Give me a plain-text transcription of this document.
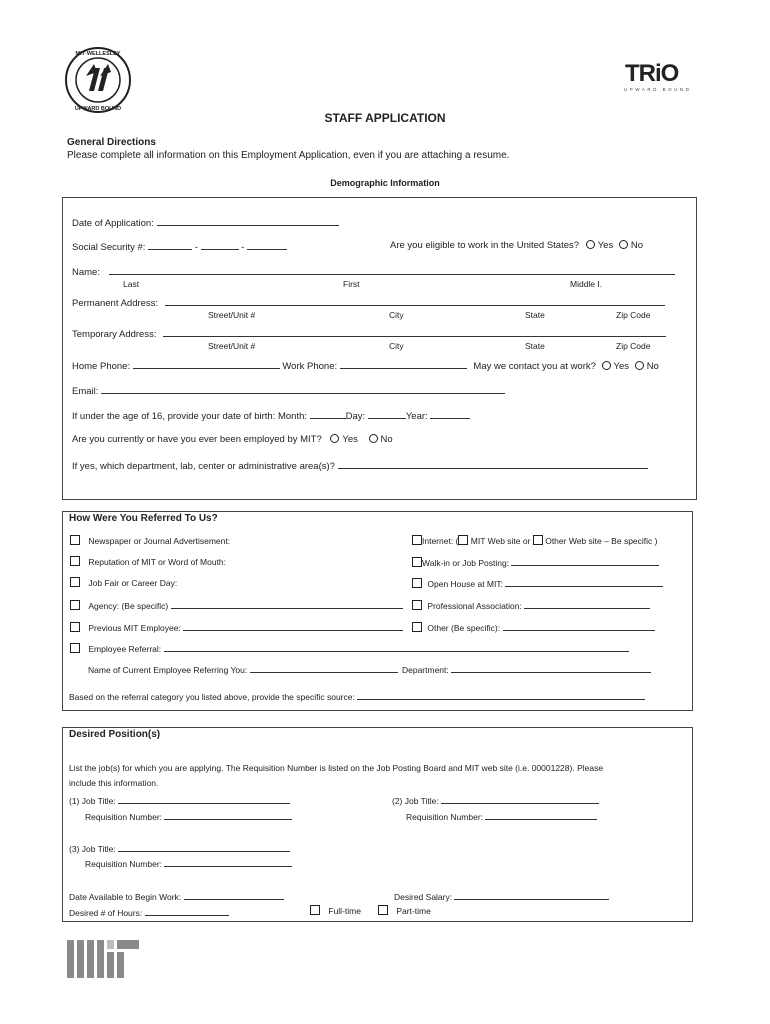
MIT·WELLESLEY
UPWARD BOUND
TRiO
UPWARD BOUND
STAFF APPLICATION
General Directions
Please complete all information on this Employment Application, even if you are attaching a resume.
Demographic Information
Date of Application:
Social Security #:	-	-	Are you eligible to work in the United States? Yes No
Name:
Last	First	Middle I.
Permanent Address:
Street/Unit #	City	State	Zip Code
Temporary Address:
Street/Unit #	City	State	Zip Code
Home Phone:	Work Phone:	May we contact you at work? Yes No
Email:
If under the age of 16, provide your date of birth: Month:	Day:	Year:
Are you currently or have you ever been employed by MIT? Yes No
If yes, which department, lab, center or administrative area(s)?
How Were You Referred To Us?
Newspaper or Journal Advertisement:
Reputation of MIT or Word of Mouth:
Job Fair or Career Day:
Agency: (Be specific)
Previous MIT Employee:
Employee Referral:
Internet: ( MIT Web site or Other Web site – Be specific )
Walk-in or Job Posting:
Open House at MIT:
Professional Association:
Other (Be specific):
Name of Current Employee Referring You:	Department:
Based on the referral category you listed above, provide the specific source:
Desired Position(s)
List the job(s) for which you are applying. The Requisition Number is listed on the Job Posting Board and MIT web site (i.e. 00001228). Please
include this information.
(1) Job Title:
Requisition Number:
(2) Job Title:
Requisition Number:
(3) Job Title:
Requisition Number:
Date Available to Begin Work:	Desired Salary:
Desired # of Hours:	Full-time	Part-time
